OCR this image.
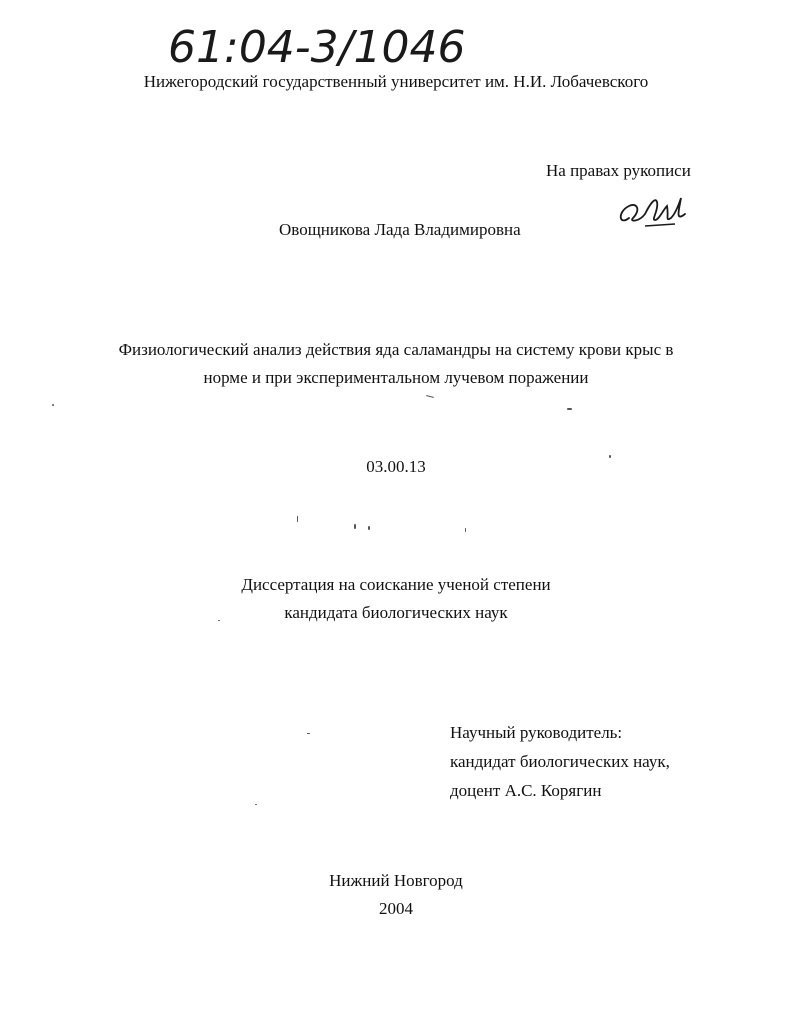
61:04-3/1046
Нижегородский государственный университет им. Н.И. Лобачевского
На правах рукописи
Овощникова Лада Владимировна
Физиологический анализ действия яда саламандры на систему крови крыс в
норме и при экспериментальном лучевом поражении
03.00.13
Диссертация на соискание ученой степени
кандидата биологических наук
Научный руководитель:
кандидат биологических наук,
доцент А.С. Корягин
Нижний Новгород
2004
